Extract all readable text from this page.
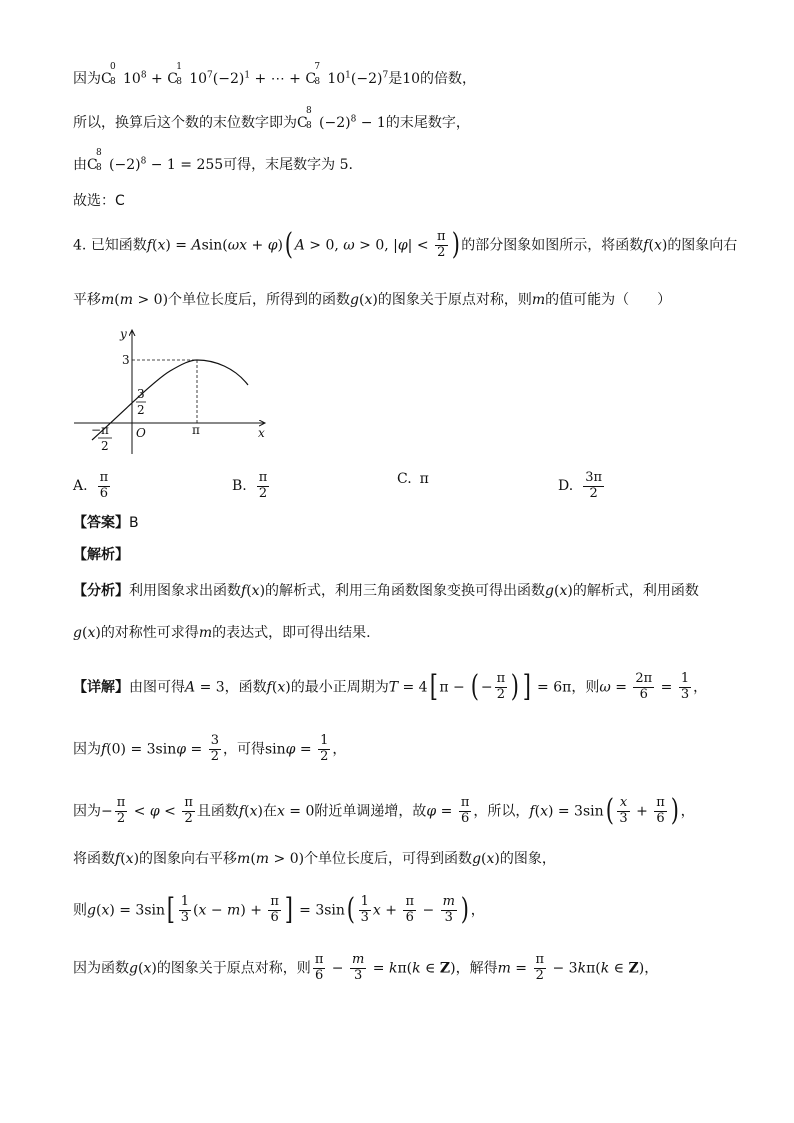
因为C
0
8 $10^8 + C$
1
8 $10^7(-2)^1$ + ⋯ + C
7
8 $10^1(-2)^7$是10的倍数，
所以，换算后这个数的末位数字即为C
8
8 $(-2)^8 - 1$的末尾数字，
由C
8
8 $(-2)^8 - 1 = 255$可得，末尾数字为 5.
故选：C
4. 已知函数f(x) = Asin(ωx + φ)( A > 0, ω > 0, $|\varphi| < \frac{\pi}{2}$ ) 的部分图象如图所示，将函数f(x)的图象向右
平移m(m > 0)个单位长度后，所得到的函数g(x)的图象关于原点对称，则m的值可能为（　　）
y
x
O
3
3
2
−π
2
π
A. $\frac{\pi}{6}$	B. $\frac{\pi}{2}$	C. π	D. $\frac{3\pi}{2}$
【答案】B
【解析】
【分析】利用图象求出函数f(x)的解析式，利用三角函数图象变换可得出函数g(x)的解析式，利用函数
g(x)的对称性可求得m的表达式，即可得出结果.
【详解】由图可得A = 3，函数f(x)的最小正周期为T = 4[ π − ( − $\frac{\pi}{2}$ ) ] = 6π，则$\omega = \frac{2\pi}{6} = \frac{1}{3}$ ，
因为$f(0) = 3\sin\varphi = \frac{3}{2}$ ，可得$\sin\varphi = \frac{1}{2}$ ，
因为− $\frac{\pi}{2} < \varphi < \frac{\pi}{2}$ 且函数f(x)在x = 0附近单调递增，故$\varphi = \frac{\pi}{6}$ ，所以，$f(x) = 3\sin( \frac{x}{3} + \frac{\pi}{6}$ ) ，
将函数f(x)的图象向右平移m(m > 0)个单位长度后，可得到函数g(x)的图象，
则$g(x) = 3\sin[ \frac{1}{3} (x - m) + \frac{\pi}{6}$ ] = $3\sin( \frac{1}{3}$ $x + \frac{\pi}{6} - \frac{m}{3}$ ) ，
因为函数g(x)的图象关于原点对称，则 $\frac{\pi}{6} - \frac{m}{3} = k\pi(k$ ∈ Z)，解得$m = \frac{\pi}{2} - 3k\pi(k$ ∈ Z)，
